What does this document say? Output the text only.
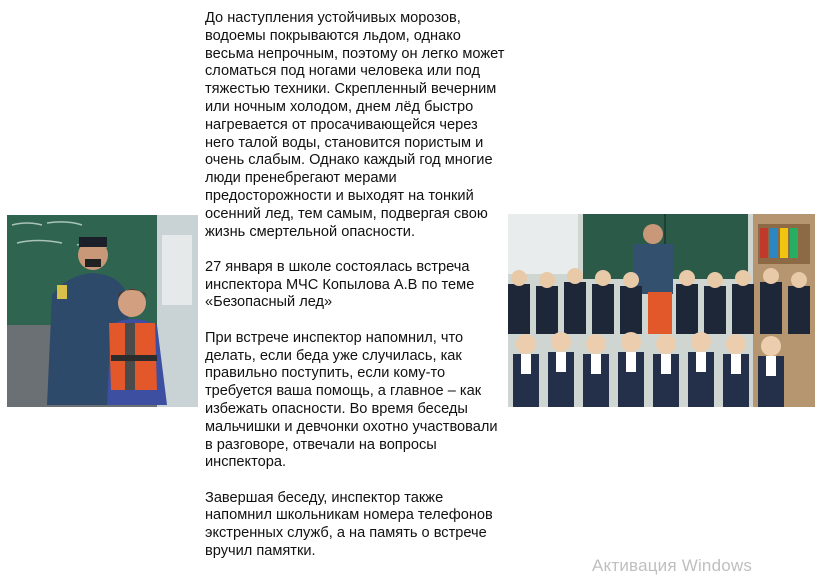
До наступления устойчивых морозов, водоемы покрываются льдом, однако весьма непрочным, поэтому он легко может сломаться под ногами человека или под тяжестью техники. Скрепленный вечерним или ночным холодом, днем лёд быстро нагревается от просачивающейся через него талой воды, становится пористым и очень слабым. Однако каждый год многие люди пренебрегают мерами предосторожности и выходят на тонкий осенний лед, тем самым, подвергая свою жизнь смертельной опасности.

27 января в школе состоялась встреча инспектора МЧС Копылова А.В по теме «Безопасный лед»

При встрече инспектор напомнил, что делать, если беда уже случилась, как правильно поступить, если кому-то требуется ваша помощь, а главное – как избежать опасности. Во время беседы мальчишки и девчонки охотно участвовали в разговоре, отвечали на вопросы инспектора.

Завершая беседу, инспектор также напомнил школьникам номера телефонов экстренных служб, а на память о встрече вручил памятки.

Активация Windows
